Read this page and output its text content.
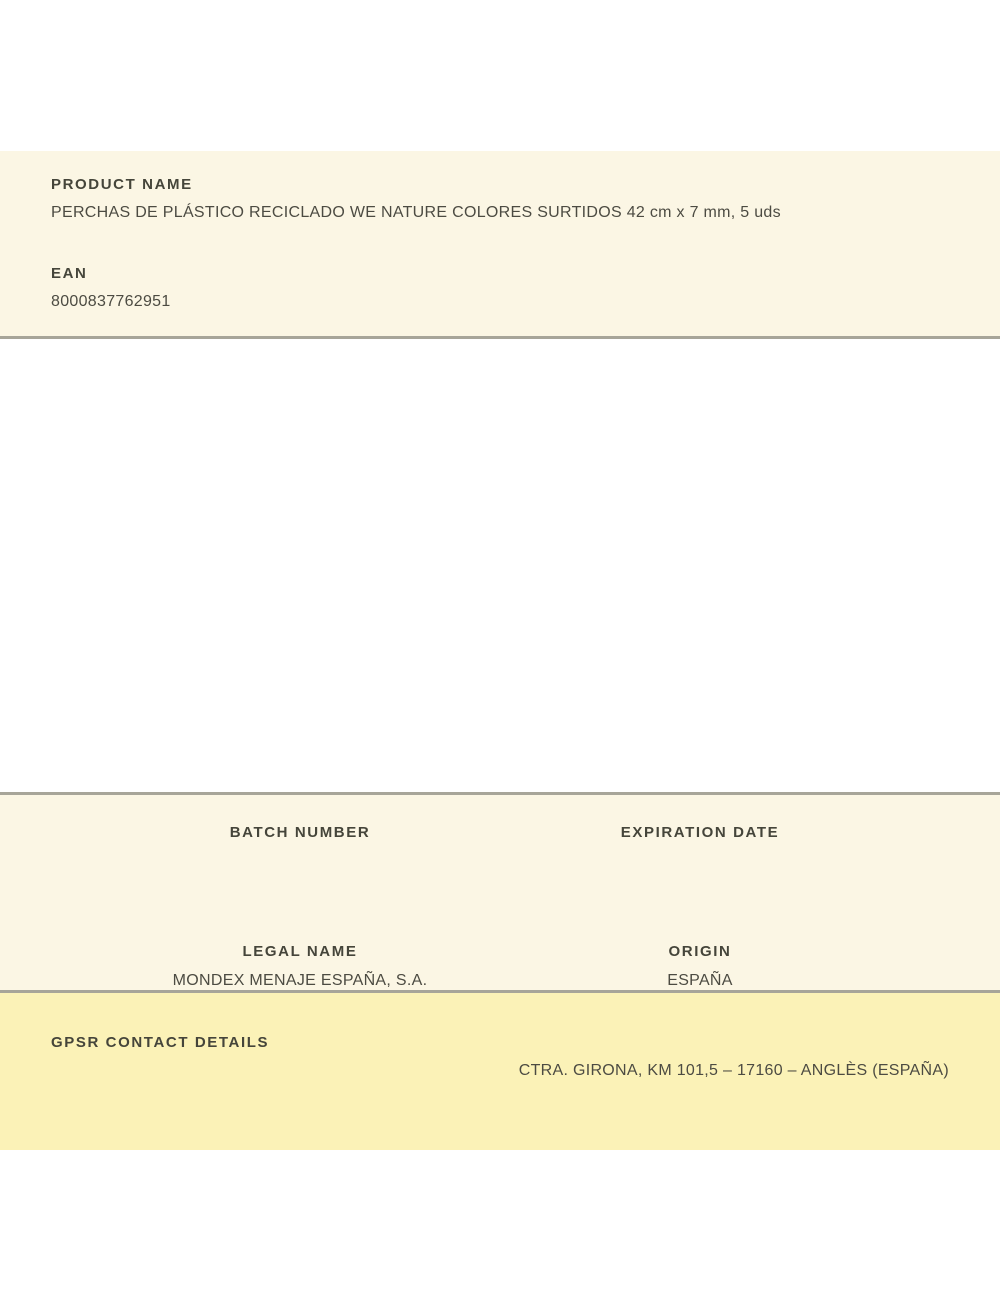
PRODUCT NAME
PERCHAS DE PLÁSTICO RECICLADO WE NATURE COLORES SURTIDOS 42 cm x 7 mm, 5 uds
EAN
8000837762951
BATCH NUMBER	EXPIRATION DATE
LEGAL NAME	ORIGIN
MONDEX MENAJE ESPAÑA, S.A.	ESPAÑA
GPSR CONTACT DETAILS
CTRA. GIRONA, KM 101,5 – 17160 – ANGLÈS (ESPAÑA)
